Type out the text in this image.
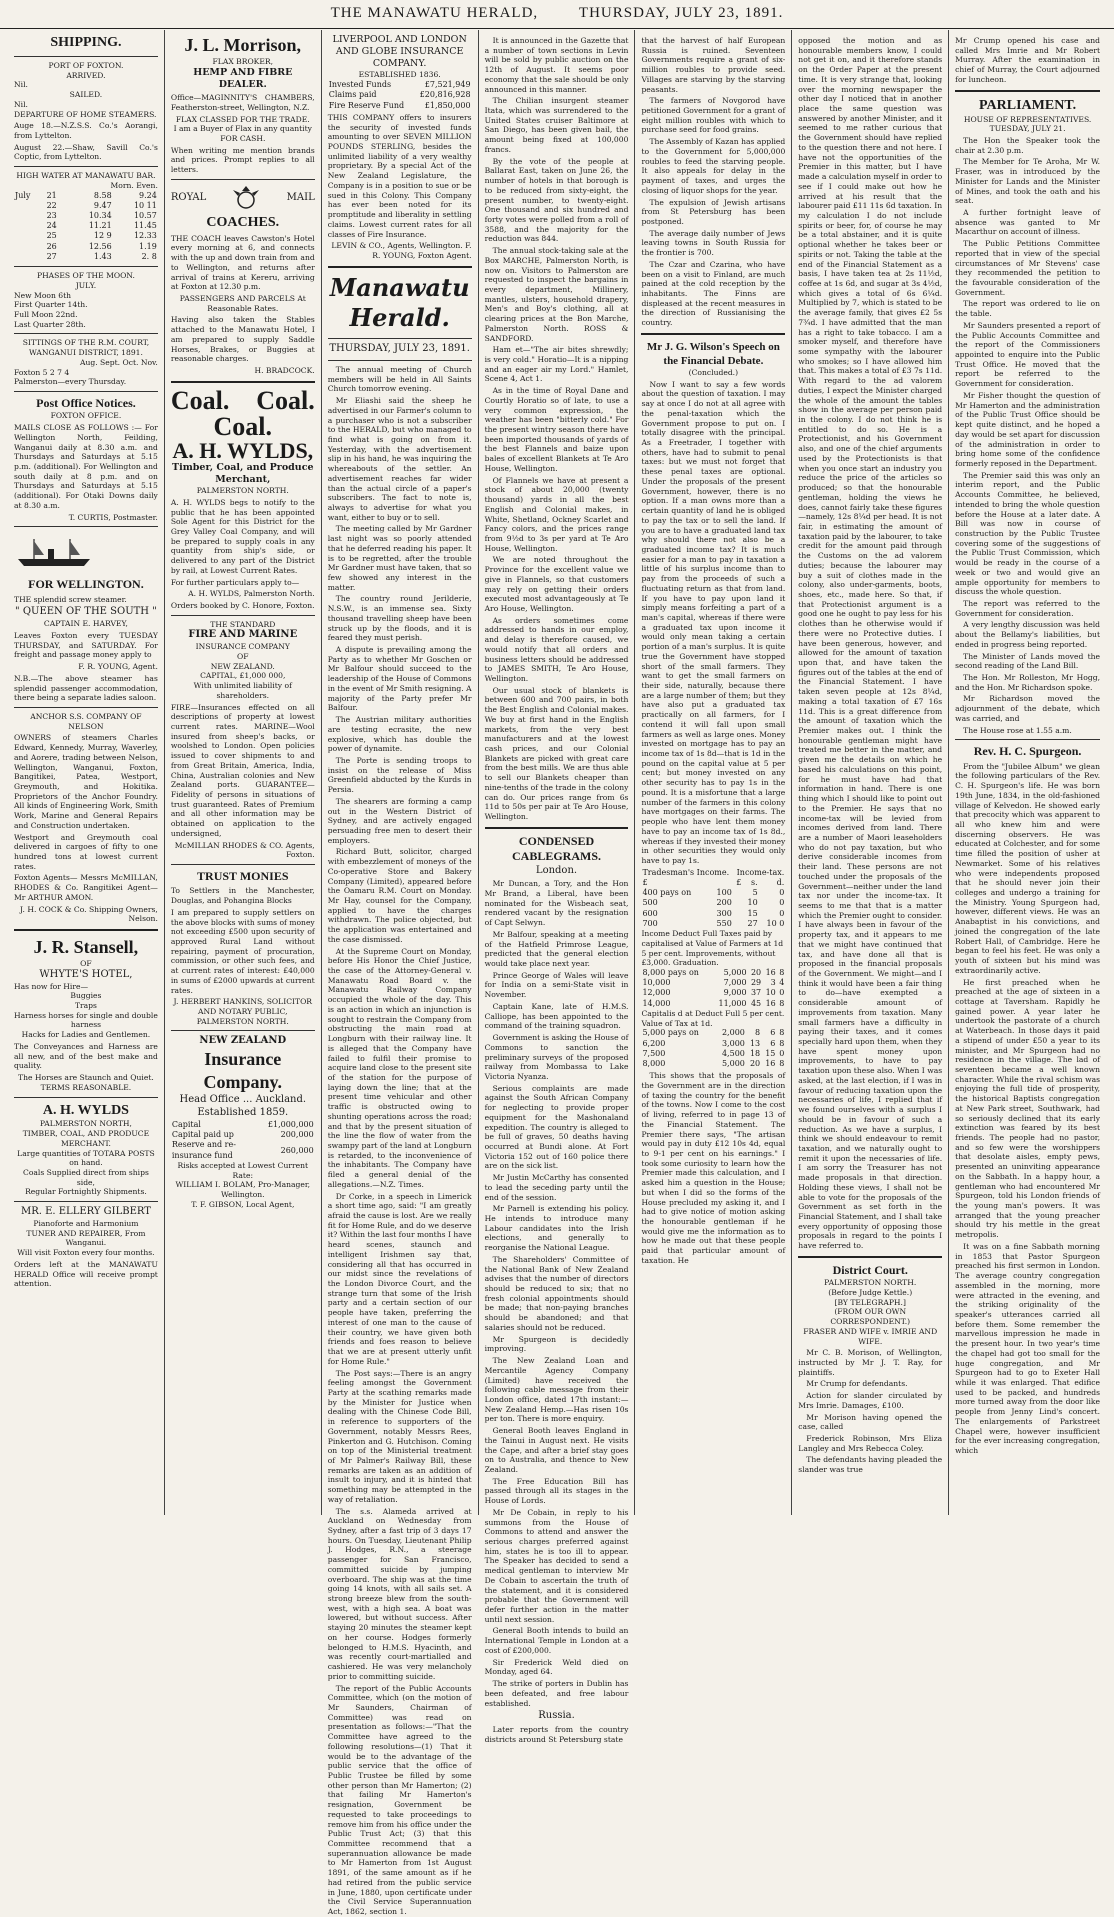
THE MANAWATU HERALD,	THURSDAY, JULY 23, 1891.
SHIPPING.
PORT OF FOXTON.
ARRIVED.
Nil.
SAILED.
Nil.
DEPARTURE OF HOME STEAMERS.

Auge 18.—N.Z.S.S. Co.'s Aorangi, from Lyttelton.

August 22.—Shaw, Savill Co.'s Coptic, from Lyttelton.

HIGH WATER AT MANAWATU BAR.
Morn. Even.
July	21	8.58	9.24
	22	9.47	10 11
	23	10.34	10.57
	24	11.21	11.45
	25	12 9	12.33
	26	12.56	1.19
	27	1.43	2. 8
PHASES OF THE MOON.
JULY.
New Moon 6th
First Quarter 14th.
Full Moon 22nd.
Last Quarter 28th.
SITTINGS OF THE R.M. COURT,
WANGANUI DISTRICT, 1891.
Aug. Sept. Oct. Nov.
Foxton 5 2 7 4
Palmerston—every Thursday.
Post Office Notices.
FOXTON OFFICE.

MAILS CLOSE AS FOLLOWS :— For Wellington North, Feilding, Wanganui daily at 8.30 a.m. and Thursdays and Saturdays at 5.15 p.m. (additional). For Wellington and south daily at 8 p.m. and on Thursdays and Saturdays at 5.15 (additional). For Otaki Downs daily at 8.30 a.m.

T. CURTIS, Postmaster.
FOR WELLINGTON.

THE splendid screw steamer.

" QUEEN OF THE SOUTH "
CAPTAIN E. HARVEY,

Leaves Foxton every TUESDAY THURSDAY, and SATURDAY. For freight and passage money apply to

F. R. YOUNG, Agent.

N.B.—The above steamer has splendid passenger accommodation, there being a separate ladies saloon.

ANCHOR S.S. COMPANY OF NELSON

OWNERS of steamers Charles Edward, Kennedy, Murray, Waverley, and Aorere, trading between Nelson, Wellington, Wanganui, Foxton, Bangitikei, Patea, Westport, Greymouth, and Hokitika. Proprietors of the Anchor Foundry. All kinds of Engineering Work, Smith Work, Marine and General Repairs and Construction undertaken.

Westport and Greymouth coal delivered in cargoes of fifty to one hundred tons at lowest current rates.

Foxton Agents— Messrs McMILLAN, RHODES & Co. Rangitikei Agent— Mr ARTHUR AMON.

J. H. COCK & Co. Shipping Owners, Nelson.
J. R. Stansell,
OF
WHYTE'S HOTEL,
Has now for Hire—
Buggies
Traps
Harness horses for single and double harness
Hacks for Ladies and Gentlemen.

The Conveyances and Harness are all new, and of the best make and quality.

The Horses are Staunch and Quiet.
TERMS REASONABLE.
A. H. WYLDS
PALMERSTON NORTH,
TIMBER, COAL, AND PRODUCE MERCHANT.
Large quantities of TOTARA POSTS on hand.
Coals Supplied direct from ships side,
Regular Fortnightly Shipments.
MR. E. ELLERY GILBERT
Pianoforte and Harmonium
TUNER AND REPAIRER, From Wanganui.
Will visit Foxton every four months.

Orders left at the MANAWATU HERALD Office will receive prompt attention.

J. L. Morrison,
FLAX BROKER,
HEMP AND FIBRE DEALER.

Office—MAGINNITY'S CHAMBERS, Featherston-street, Wellington, N.Z.

FLAX CLASSED FOR THE TRADE.
I am a Buyer of Flax in any quantity FOR CASH.

When writing me mention brands and prices. Prompt replies to all letters.

ROYAL	MAIL
COACHES.

THE COACH leaves Cawston's Hotel every morning at 6, and connects with the up and down train from and to Wellington, and returns after arrival of trains at Kereru, arriving at Foxton at 12.30 p.m.

PASSENGERS AND PARCELS At Reasonable Rates.

Having also taken the Stables attached to the Manawatu Hotel, I am prepared to supply Saddle Horses, Brakes, or Buggies at reasonable charges.

H. BRADCOCK.
Coal. Coal.
Coal.
A. H. WYLDS,
Timber, Coal, and Produce Merchant,
PALMERSTON NORTH.

A. H. WYLDS begs to notify to the public that he has been appointed Sole Agent for this District for the Grey Valley Coal Company, and will be prepared to supply coals in any quantity from ship's side, or delivered to any part of the District by rail, at Lowest Current Rates.

For further particulars apply to—

A. H. WYLDS, Palmerston North.

Orders booked by C. Honore, Foxton.

THE STANDARD
FIRE AND MARINE
INSURANCE COMPANY
OF
NEW ZEALAND.
CAPITAL, £1,000 000,
With unlimited liability of shareholders.

FIRE—Insurances effected on all descriptions of property at lowest current rates. MARINE—Wool insured from sheep's backs, or woolshed to London. Open policies issued to cover shipments to and from Great Britain, America, India, China, Australian colonies and New Zealand ports. GUARANTEE—Fidelity of persons in situations of trust guaranteed. Rates of Premium and all other information may be obtained on application to the undersigned,

McMILLAN RHODES & CO. Agents, Foxton.
TRUST MONIES

To Settlers in the Manchester, Douglas, and Pohangina Blocks

I am prepared to supply settlers on the above blocks with sums of money not exceeding £500 upon security of approved Rural Land without repairing, payment of procuration, commission, or other such fees, and at current rates of interest: £40,000 in sums of £2000 upwards at current rates.

J. HERBERT HANKINS, SOLICITOR AND NOTARY PUBLIC, PALMERSTON NORTH.
NEW ZEALAND
Insurance Company.
Head Office ... Auckland.
Established 1859.
Capital	£1,000,000
Capital paid up	200,000
Reserve and re-insurance fund	260,000
Risks accepted at Lowest Current Rate:
WILLIAM I. BOLAM, Pro-Manager, Wellington.
T. F. GIBSON, Local Agent,
LIVERPOOL AND LONDON AND GLOBE INSURANCE COMPANY.
ESTABLISHED 1836.
Invested Funds	£7,521,949
Claims paid	£20,816,928
Fire Reserve Fund	£1,850,000

THIS COMPANY offers to insurers the security of invested funds amounting to over SEVEN MILLION POUNDS STERLING, besides the unlimited liability of a very wealthy proprietary. By a special Act of the New Zealand Legislature, the Company is in a position to sue or be sued in this Colony. This Company has ever been noted for its promptitude and liberality in settling claims. Lowest current rates for all classes of Fire Insurance.

LEVIN & CO., Agents, Wellington. F. R. YOUNG, Foxton Agent.
Manawatu Herald.
THURSDAY, JULY 23, 1891.

The annual meeting of Church members will be held in All Saints Church tomorrow evening.

Mr Eliashi said the sheep he advertised in our Farmer's column to a purchaser who is not a subscriber to the HERALD, but who managed to find what is going on from it. Yesterday, with the advertisement slip in his hand, he was inquiring the whereabouts of the settler. An advertisement reaches far wider than the actual circle of a paper's subscribers. The fact to note is, always to advertise for what you want, either to buy or to sell.

The meeting called by Mr Gardner last night was so poorly attended that he deferred reading his paper. It is to be regretted, after the trouble Mr Gardner must have taken, that so few showed any interest in the matter.

The country round Jerilderie, N.S.W., is an immense sea. Sixty thousand travelling sheep have been struck up by the floods, and it is feared they must perish.

A dispute is prevailing among the Party as to whether Mr Goschen or Mr Balfour should succeed to the leadership of the House of Commons in the event of Mr Smith resigning. A majority of the Party prefer Mr Balfour.

The Austrian military authorities are testing ecrasite, the new explosive, which has double the power of dynamite.

The Porte is sending troops to insist on the release of Miss Greenfield abducted by the Kurds in Persia.

The shearers are forming a camp out in the Western District of Sydney, and are actively engaged persuading free men to desert their employers.

Richard Butt, solicitor, charged with embezzlement of moneys of the Co-operative Store and Bakery Company (Limited), appeared before the Oamaru R.M. Court on Monday. Mr Hay, counsel for the Company, applied to have the charges withdrawn. The police objected, but the application was entertained and the case dismissed.

At the Supreme Court on Monday, before His Honor the Chief Justice, the case of the Attorney-General v. Manawatu Road Board v. the Manawatu Railway Company occupied the whole of the day. This is an action in which an injunction is sought to restrain the Company from obstructing the main road at Longburn with their railway line. It is alleged that the Company have failed to fulfil their promise to acquire land close to the present site of the station for the purpose of laying down the line; that at the present time vehicular and other traffic is obstructed owing to shunting operations across the road; and that by the present situation of the line the flow of water from the swampy part of the land at Longburn is retarded, to the inconvenience of the inhabitants. The Company have filed a general denial of the allegations.—N.Z. Times.

Dr Corke, in a speech in Limerick a short time ago, said: "I am greatly afraid the cause is lost. Are we really fit for Home Rule, and do we deserve it? Within the last four months I have heard scenes, staunch and intelligent Irishmen say that, considering all that has occurred in our midst since the revelations of the London Divorce Court, and the strange turn that some of the Irish party and a certain section of our people have taken, preferring the interest of one man to the cause of their country, we have given both friends and foes reason to believe that we are at present utterly unfit for Home Rule."

The Post says:—There is an angry feeling amongst the Government Party at the scathing remarks made by the Minister for Justice when dealing with the Chinese Code Bill, in reference to supporters of the Government, notably Messrs Rees, Pinkerton and G. Hutchison. Coming on top of the Ministerial treatment of Mr Palmer's Railway Bill, these remarks are taken as an addition of insult to injury, and it is hinted that something may be attempted in the way of retaliation.

The s.s. Alameda arrived at Auckland on Wednesday from Sydney, after a fast trip of 3 days 17 hours. On Tuesday, Lieutenant Philip J. Hodges, R.N., a steerage passenger for San Francisco, committed suicide by jumping overboard. The ship was at the time going 14 knots, with all sails set. A strong breeze blew from the south-west, with a high sea. A boat was lowered, but without success. After staying 20 minutes the steamer kept on her course. Hodges formerly belonged to H.M.S. Hyacinth, and was recently court-martialled and cashiered. He was very melancholy prior to committing suicide.

The report of the Public Accounts Committee, which (on the motion of Mr Saunders, Chairman of Committee) was read on presentation as follows:—"That the Committee have agreed to the following resolutions—(1) That it would be to the advantage of the public service that the office of Public Trustee be filled by some other person than Mr Hamerton; (2) that failing Mr Hamerton's resignation, Government be requested to take proceedings to remove him from his office under the Public Trust Act; (3) that this Committee recommend that a superannuation allowance be made to Mr Hamerton from 1st August 1891, of the same amount as if he had retired from the public service in June, 1880, upon certificate under the Civil Service Superannuation Act, 1862, section 1.

It is announced in the Gazette that a number of town sections in Levin will be sold by public auction on the 12th of August. It seems poor economy that the sale should be only announced in this manner.

The Chilian insurgent steamer Itata, which was surrendered to the United States cruiser Baltimore at San Diego, has been given bail, the amount being fixed at 100,000 francs.

By the vote of the people at Ballarat East, taken on June 26, the number of hotels in that borough is to be reduced from sixty-eight, the present number, to twenty-eight. One thousand and six hundred and forty votes were polled from a roll of 3588, and the majority for the reduction was 844.

The annual stock-taking sale at the Box MARCHE, Palmerston North, is now on. Visitors to Palmerston are requested to inspect the bargains in every department, Millinery, mantles, ulsters, household drapery, Men's and Boy's clothing, all at clearing prices at the Bon Marche, Palmerston North. ROSS & SANDFORD.

Ham et—"The air bites shrewdly; is very cold." Horatio—It is a nipping and an eager air my Lord." Hamlet, Scene 4, Act 1.

As in the time of Royal Dane and Courtly Horatio so of late, to use a very common expression, the weather has been "bitterly cold." For the present wintry season there have been imported thousands of yards of the best Flannels and baize upon bales of excellent Blankets at Te Aro House, Wellington.

Of Flannels we have at present a stock of about 20,000 (twenty thousand) yards in all the best English and Colonial makes, in White, Shetland, Ockney Scarlet and Fancy colors, and the prices range from 9½d to 3s per yard at Te Aro House, Wellington.

We are noted throughout the Province for the excellent value we give in Flannels, so that customers may rely on getting their orders executed most advantageously at Te Aro House, Wellington.

As orders sometimes come addressed to hands in our employ, and delay is therefore caused, we would notify that all orders and business letters should be addressed to JAMES SMITH, Te Aro House, Wellington.

Our usual stock of blankets is between 600 and 700 pairs, in both the Best English and Colonial makes. We buy at first hand in the English markets, from the very best manufacturers and at the lowest cash prices, and our Colonial Blankets are picked with great care from the best mills. We are thus able to sell our Blankets cheaper than nine-tenths of the trade in the colony can do. Our prices range from 6s 11d to 50s per pair at Te Aro House, Wellington.

CONDENSED CABLEGRAMS.
London.

Mr Duncan, a Tory, and the Hon Mr Brand, a Liberal, have been nominated for the Wisbeach seat, rendered vacant by the resignation of Capt Selwyn.

Mr Balfour, speaking at a meeting of the Hatfield Primrose League, predicted that the general election would take place next year.

Prince George of Wales will leave for India on a semi-State visit in November.

Captain Kane, late of H.M.S. Calliope, has been appointed to the command of the training squadron.

Government is asking the House of Commons to sanction the preliminary surveys of the proposed railway from Mombassa to Lake Victoria Nyanza.

Serious complaints are made against the South African Company for neglecting to provide proper equipment for the Mashonaland expedition. The country is alleged to be full of graves, 50 deaths having occurred at Bundi alone. At Fort Victoria 152 out of 160 police there are on the sick list.

Mr Justin McCarthy has consented to lead the seceding party until the end of the session.

Mr Parnell is extending his policy. He intends to introduce many Labour candidates into the Irish elections, and generally to reorganise the National League.

The Shareholders' Committee of the National Bank of New Zealand advises that the number of directors should be reduced to six; that no fresh colonial appointments should be made; that non-paying branches should be abandoned; and that salaries should not be reduced.

Mr Spurgeon is decidedly improving.

The New Zealand Loan and Mercantile Agency Company (Limited) have received the following cable message from their London office, dated 17th instant:—New Zealand Hemp.—Has risen 10s per ton. There is more enquiry.

General Booth leaves England in the Tainui in August next. He visits the Cape, and after a brief stay goes on to Australia, and thence to New Zealand.

The Free Education Bill has passed through all its stages in the House of Lords.

Mr De Cobain, in reply to his summons from the House of Commons to attend and answer the serious charges preferred against him, states he is too ill to appear. The Speaker has decided to send a medical gentleman to interview Mr De Cobain to ascertain the truth of the statement, and it is considered probable that the Government will defer further action in the matter until next session.

General Booth intends to build an International Temple in London at a cost of £200,000.

Sir Frederick Weld died on Monday, aged 64.

The strike of porters in Dublin has been defeated, and free labour established.

Russia.

Later reports from the country districts around St Petersburg state

that the harvest of half European Russia is ruined. Seventeen Governments require a grant of six-million roubles to provide seed. Villages are starving by the starving peasants.

The farmers of Novgorod have petitioned Government for a grant of eight million roubles with which to purchase seed for food grains.

The Assembly of Kazan has applied to the Government for 5,000,000 roubles to feed the starving people. It also appeals for delay in the payment of taxes, and urges the closing of liquor shops for the year.

The expulsion of Jewish artisans from St Petersburg has been postponed.

The average daily number of Jews leaving towns in South Russia for the frontier is 700.

The Czar and Czarina, who have been on a visit to Finland, are much pained at the cold reception by the inhabitants. The Finns are displeased at the recent measures in the direction of Russianising the country.

Mr J. G. Wilson's Speech on the Financial Debate.
(Concluded.)

Now I want to say a few words about the question of taxation. I may say at once I do not at all agree with the penal-taxation which the Government propose to put on. I totally disagree with the principal. As a Freetrader, I together with others, have had to submit to penal taxes: but we must not forget that these penal taxes are optional. Under the proposals of the present Government, however, there is no option. If a man owns more than a certain quantity of land he is obliged to pay the tax or to sell the land. If you are to have a graduated land tax why should there not also be a graduated income tax? It is much easier for a man to pay in taxation a little of his surplus income than to pay from the proceeds of such a fluctuating return as that from land. If you have to pay upon land it simply means forfeiting a part of a man's capital, whereas if there were a graduated tax upon income it would only mean taking a certain portion of a man's surplus. It is quite true the Government have stopped short of the small farmers. They want to get the small farmers on their side, naturally, because there are a large number of them; but they have also put a graduated tax practically on all farmers, for I contend it will fall upon small farmers as well as large ones. Money invested on mortgage has to pay an income tax of 1s 8d—that is 1d in the pound on the capital value at 5 per cent; but money invested on any other security has to pay 1s in the pound. It is a misfortune that a large number of the farmers in this colony have mortgages on their farms. The people who have lent them money have to pay an income tax of 1s 8d., whereas if they invested their money in other securities they would only have to pay 1s.

Tradesman's Income.			Income-tax.
£		£	s.	d.
400 pays on	100		5	0
500	200		10	0
600	300		15	0
700	550		27	10 0
Income Deduct Full Taxes paid by
capitalised at Value of Farmers at 1d 5 per cent. Improvements, without £3,000. Graduation.
8,000 pays on	5,000	20	16	8
10,000	7,000	29	3	4
12,000	9,000	37	10	0
14,000	11,000	45	16	8
Capitalis d at Deduct Full 5 per cent. Value of Tax at 1d.
5,000 pays on	2,000	8	6	8
6,200	3,000	13	6	8
7,500	4,500	18	15	0
8,000	5,000	20	16	8

This shows that the proposals of the Government are in the direction of taxing the country for the benefit of the towns. Now I come to the cost of living, referred to in page 13 of the Financial Statement. The Premier there says, "The artisan would pay in duty £12 10s 4d, equal to 9-1 per cent on his earnings." I took some curiosity to learn how the Premier made this calculation, and I asked him a question in the House; but when I did so the forms of the House precluded my asking it, and I had to give notice of motion asking the honourable gentleman if he would give me the information as to how he made out that these people paid that particular amount of taxation. He

opposed the motion and as honourable members know, I could not get it on, and it therefore stands on the Order Paper at the present time. It is very strange that, looking over the morning newspaper the other day I noticed that in another place the same question was answered by another Minister, and it seemed to me rather curious that the Government should have replied to the question there and not here. I have not the opportunities of the Premier in this matter, but I have made a calculation myself in order to see if I could make out how he arrived at his result that the labourer paid £11 11s 6d taxation. In my calculation I do not include spirits or beer, for, of course he may be a total abstainer, and it is quite optional whether he takes beer or spirits or not. Taking the table at the end of the Financial Statement as a basis, I have taken tea at 2s 11½d, coffee at 1s 6d, and sugar at 3s 4½d, which gives a total of 6s 6¼d. Multiplied by 7, which is stated to be the average family, that gives £2 5s 7¾d. I have admitted that the man has a right to take tobacco. I am a smoker myself, and therefore have some sympathy with the labourer who smokes; so I have allowed him that. This makes a total of £3 7s 11d. With regard to the ad valorem duties, I expect the Minister charged the whole of the amount the tables show in the average per person paid in the colony. I do not think he is entitled to do so. He is a Protectionist, and his Government also, and one of the chief arguments used by the Protectionists is that when you once start an industry you reduce the price of the articles so produced; so that the honourable gentleman, holding the views he does, cannot fairly take these figures—namely, 12s 8¼d per head. It is not fair, in estimating the amount of taxation paid by the labourer, to take credit for the amount paid through the Customs on the ad valorem duties; because the labourer may buy a suit of clothes made in the colony, also under-garments, boots, shoes, etc., made here. So that, if that Protectionist argument is a good one he ought to pay less for his clothes than he otherwise would if there were no Protective duties. I have been generous, however, and allowed for the amount of taxation upon that, and have taken the figures out of the tables at the end of the Financial Statement. I have taken seven people at 12s 8¼d, making a total taxation of £7 16s 11d. This is a great difference from the amount of taxation which the Premier makes out. I think the honourable gentleman might have treated me better in the matter, and given me the details on which he based his calculations on this point, for he must have had that information in hand. There is one thing which I should like to point out to the Premier. He says that no income-tax will be levied from incomes derived from land. There are a number of Maori leaseholders who do not pay taxation, but who derive considerable incomes from their land. These persons are not touched under the proposals of the Government—neither under the land tax nor under the income-tax. It seems to me that that is a matter which the Premier ought to consider. I have always been in favour of the property tax, and it appears to me that we might have continued that tax, and have done all that is proposed in the financial proposals of the Government. We might—and I think it would have been a fair thing to do—have exempted a considerable amount of improvements from taxation. Many small farmers have a difficulty in paying their taxes, and it comes specially hard upon them, when they have spent money upon improvements, to have to pay taxation upon these also. When I was asked, at the last election, if I was in favour of reducing taxation upon the necessaries of life, I replied that if we found ourselves with a surplus I should be in favour of such a reduction. As we have a surplus, I think we should endeavour to remit taxation, and we naturally ought to remit it upon the necessaries of life. I am sorry the Treasurer has not made proposals in that direction. Holding these views, I shall not be able to vote for the proposals of the Government as set forth in the Financial Statement, and I shall take every opportunity of opposing those proposals in regard to the points I have referred to.

District Court.
PALMERSTON NORTH.
(Before Judge Kettle.)
[BY TELEGRAPH.]
(FROM OUR OWN CORRESPONDENT.)
FRASER AND WIFE v. IMRIE AND WIFE.

Mr C. B. Morison, of Wellington, instructed by Mr J. T. Ray, for plaintiffs.

Mr Crump for defendants.

Action for slander circulated by Mrs Imrie. Damages, £100.

Mr Morison having opened the case, called

Frederick Robinson, Mrs Eliza Langley and Mrs Rebecca Coley.

The defendants having pleaded the slander was true

Mr Crump opened his case and called Mrs Imrie and Mr Robert Murray. After the examination in chief of Murray, the Court adjourned for luncheon.

PARLIAMENT.
HOUSE OF REPRESENTATIVES.
TUESDAY, JULY 21.

The Hon the Speaker took the chair at 2.30 p.m.

The Member for Te Aroha, Mr W. Fraser, was in introduced by the Minister for Lands and the Minister of Mines, and took the oath and his seat.

A further fortnight leave of absence was ganted to Mr Macarthur on account of illness.

The Public Petitions Committee reported that in view of the special circumstances of Mr Stevens' case they recommended the petition to the favourable consideration of the Government.

The report was ordered to lie on the table.

Mr Saunders presented a report of the Public Accounts Committee and the report of the Commissioners appointed to enquire into the Public Trust Office. He moved that the report be referred to the Government for consideration.

Mr Fisher thought the question of Mr Hamerton and the administration of the Public Trust Office should be kept quite distinct, and he hoped a day would be set apart for discussion of the administration in order to bring home some of the confidence formerly reposed in the Department.

The Premier said this was only an interim report, and the Public Accounts Committee, he believed, intended to bring the whole question before the House at a later date. A Bill was now in course of construction by the Public Trustee covering some of the suggestions of the Public Trust Commission, which would be ready in the course of a week or two and would give an ample opportunity for members to discuss the whole question.

The report was referred to the Government for consideration.

A very lengthy discussion was held about the Bellamy's liabilities, but ended in progress being reported.

The Minister of Lands moved the second reading of the Land Bill.

The Hon. Mr Rolleston, Mr Hogg, and the Hon. Mr Richardson spoke.

Mr Richardson moved the adjournment of the debate, which was carried, and

The House rose at 1.55 a.m.

Rev. H. C. Spurgeon.

From the "Jubilee Album" we glean the following particulars of the Rev. C. H. Spurgeon's life. He was born 19th June, 1834, in the old-fashioned village of Kelvedon. He showed early that precocity which was apparent to all who knew him and were discerning observers. He was educated at Colchester, and for some time filled the position of usher at Newmarket. Some of his relatives who were independents proposed that he should never join their colleges and undergo a training for the Ministry. Young Spurgeon had, however, different views. He was an Anabaptist in his convictions, and joined the congregation of the late Robert Hall, of Cambridge. Here he began to feel his feet. He was only a youth of sixteen but his mind was extraordinarily active.

He first preached when he preached at the age of sixteen in a cottage at Taversham. Rapidly he gained power. A year later he undertook the pastorate of a church at Waterbeach. In those days it paid a stipend of under £50 a year to its minister, and Mr Spurgeon had no residence in the village. The lad of seventeen became a well known character. While the rival schism was enjoying the full tide of prosperity, the historical Baptists congregation at New Park street, Southwark, had so seriously declined that its early extinction was feared by its best friends. The people had no pastor, and so few were the worshippers that desolate aisles, empty pews, presented an uninviting appearance on the Sabbath. In a happy hour, a gentleman who had encountered Mr Spurgeon, told his London friends of the young man's powers. It was arranged that the young preacher should try his mettle in the great metropolis.

It was on a fine Sabbath morning in 1853 that Pastor Spurgeon preached his first sermon in London. The average country congregation assembled in the morning, more were attracted in the evening, and the striking originality of the speaker's utterances carried all before them. Some remember the marvellous impression he made in the present hour. In two year's time the chapel had got too small for the huge congregation, and Mr Spurgeon had to go to Exeter Hall while it was enlarged. That edifice used to be packed, and hundreds more turned away from the door like people from Jenny Lind's concert. The enlargements of Parkstreet Chapel were, however insufficient for the ever increasing congregation, which
